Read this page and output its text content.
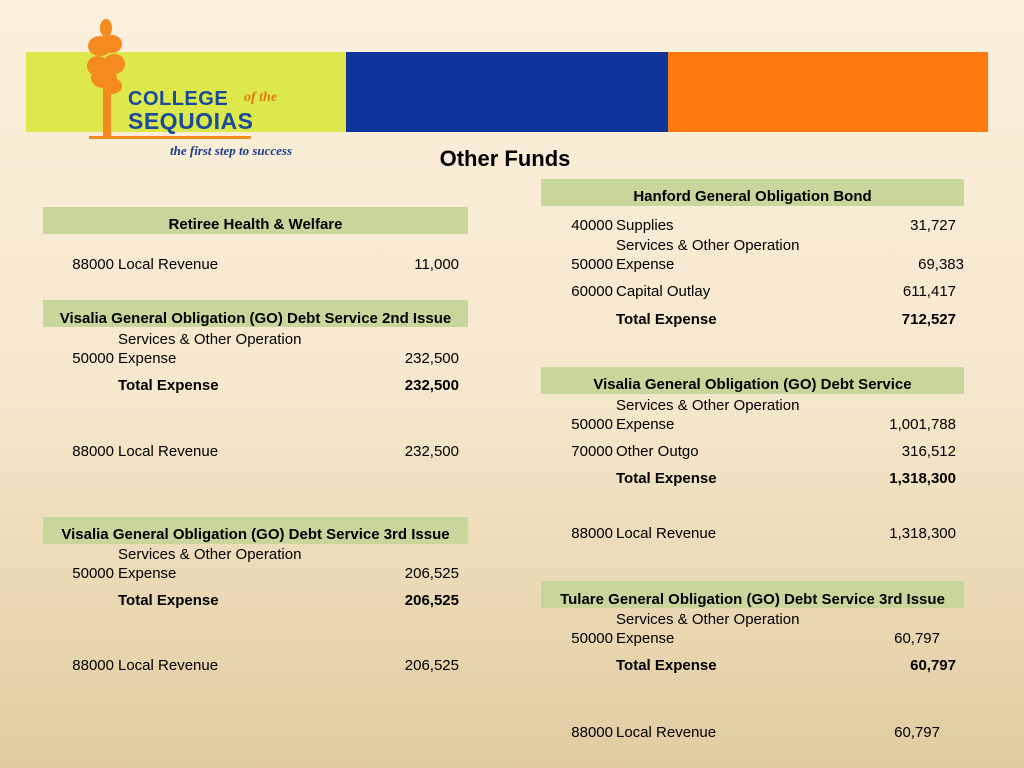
COLLEGE of the
SEQUOIAS
the first step to success	Other Funds
Retiree Health & Welfare
88000 Local Revenue	11,000
Visalia General Obligation (GO) Debt Service 2nd Issue
Services & Other Operation
50000 Expense	232,500
Total Expense	232,500
88000 Local Revenue	232,500
Visalia General Obligation (GO) Debt Service 3rd Issue
Services & Other Operation
50000 Expense	206,525
Total Expense	206,525
88000 Local Revenue	206,525
Hanford General Obligation Bond
40000 Supplies	31,727
Services & Other Operation
50000 Expense	69,383
60000 Capital Outlay	611,417
Total Expense	712,527
Visalia General Obligation (GO) Debt Service
Services & Other Operation
50000 Expense	1,001,788
70000 Other Outgo	316,512
Total Expense	1,318,300
88000 Local Revenue	1,318,300
Tulare General Obligation (GO) Debt Service 3rd Issue
Services & Other Operation
50000 Expense	60,797
Total Expense	60,797
88000 Local Revenue	60,797
